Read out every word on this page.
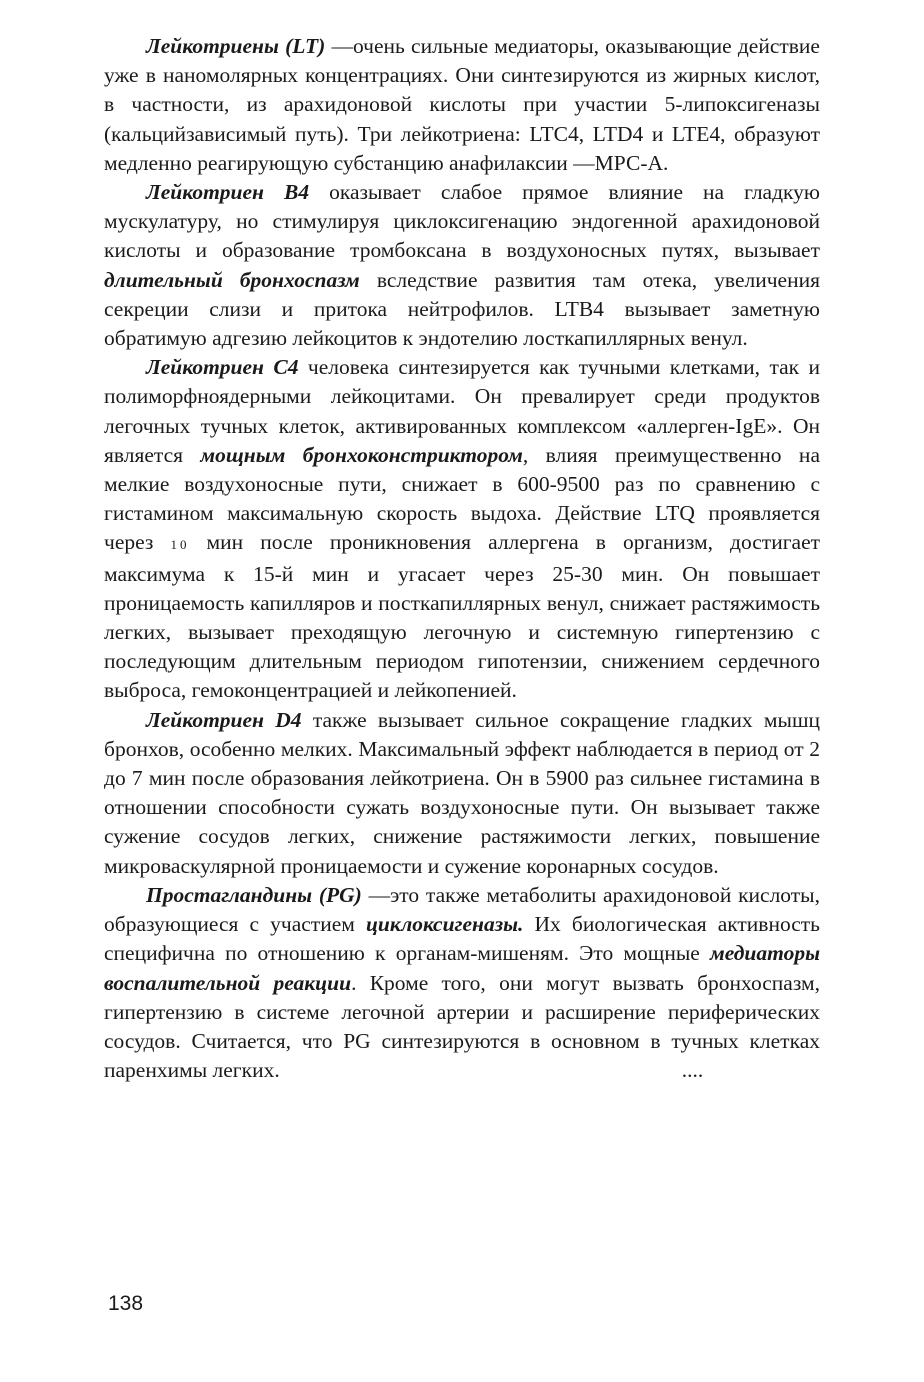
Лейкотриены (LT) —очень сильные медиаторы, оказывающие действие уже в наномолярных концентрациях. Они синтезируются из жирных кислот, в частности, из арахидоновой кислоты при участии 5-липоксигеназы (кальцийзависимый путь). Три лейкотриена: LTC4, LTD4 и LTE4, образуют медленно реагирующую субстанцию анафилаксии —МРС-А.

Лейкотриен В4 оказывает слабое прямое влияние на гладкую мускулатуру, но стимулируя циклоксигенацию эндогенной арахидоновой кислоты и образование тромбоксана в воздухоносных путях, вызывает длительный бронхоспазм вследствие развития там отека, увеличения секреции слизи и притока нейтрофилов. LTB4 вызывает заметную обратимую адгезию лейкоцитов к эндотелию лосткапиллярных венул.

Лейкотриен С4 человека синтезируется как тучными клетками, так и полиморфноядерными лейкоцитами. Он превалирует среди продуктов легочных тучных клеток, активированных комплексом «аллерген-IgE». Он является мощным бронхоконстриктором, влияя преимущественно на мелкие воздухоносные пути, снижает в 600-9500 раз по сравнению с гистамином максимальную скорость выдоха. Действие LTQ проявляется через 10 мин после проникновения аллергена в организм, достигает максимума к 15-й мин и угасает через 25-30 мин. Он повышает проницаемость капилляров и посткапиллярных венул, снижает растяжимость легких, вызывает преходящую легочную и системную гипертензию с последующим длительным периодом гипотензии, снижением сердечного выброса, гемоконцентрацией и лейкопенией.

Лейкотриен D4 также вызывает сильное сокращение гладких мышц бронхов, особенно мелких. Максимальный эффект наблюдается в период от 2 до 7 мин после образования лейкотриена. Он в 5900 раз сильнее гистамина в отношении способности сужать воздухоносные пути. Он вызывает также сужение сосудов легких, снижение растяжимости легких, повышение микроваскулярной проницаемости и сужение коронарных сосудов.

Простагландины (PG) —это также метаболиты арахидоновой кислоты, образующиеся с участием циклоксигеназы. Их биологическая активность специфична по отношению к органам-мишеням. Это мощные медиаторы воспалительной реакции. Кроме того, они могут вызвать бронхоспазм, гипертензию в системе легочной артерии и расширение периферических сосудов. Считается, что PG синтезируются в основном в тучных клетках паренхимы легких.	....

138
